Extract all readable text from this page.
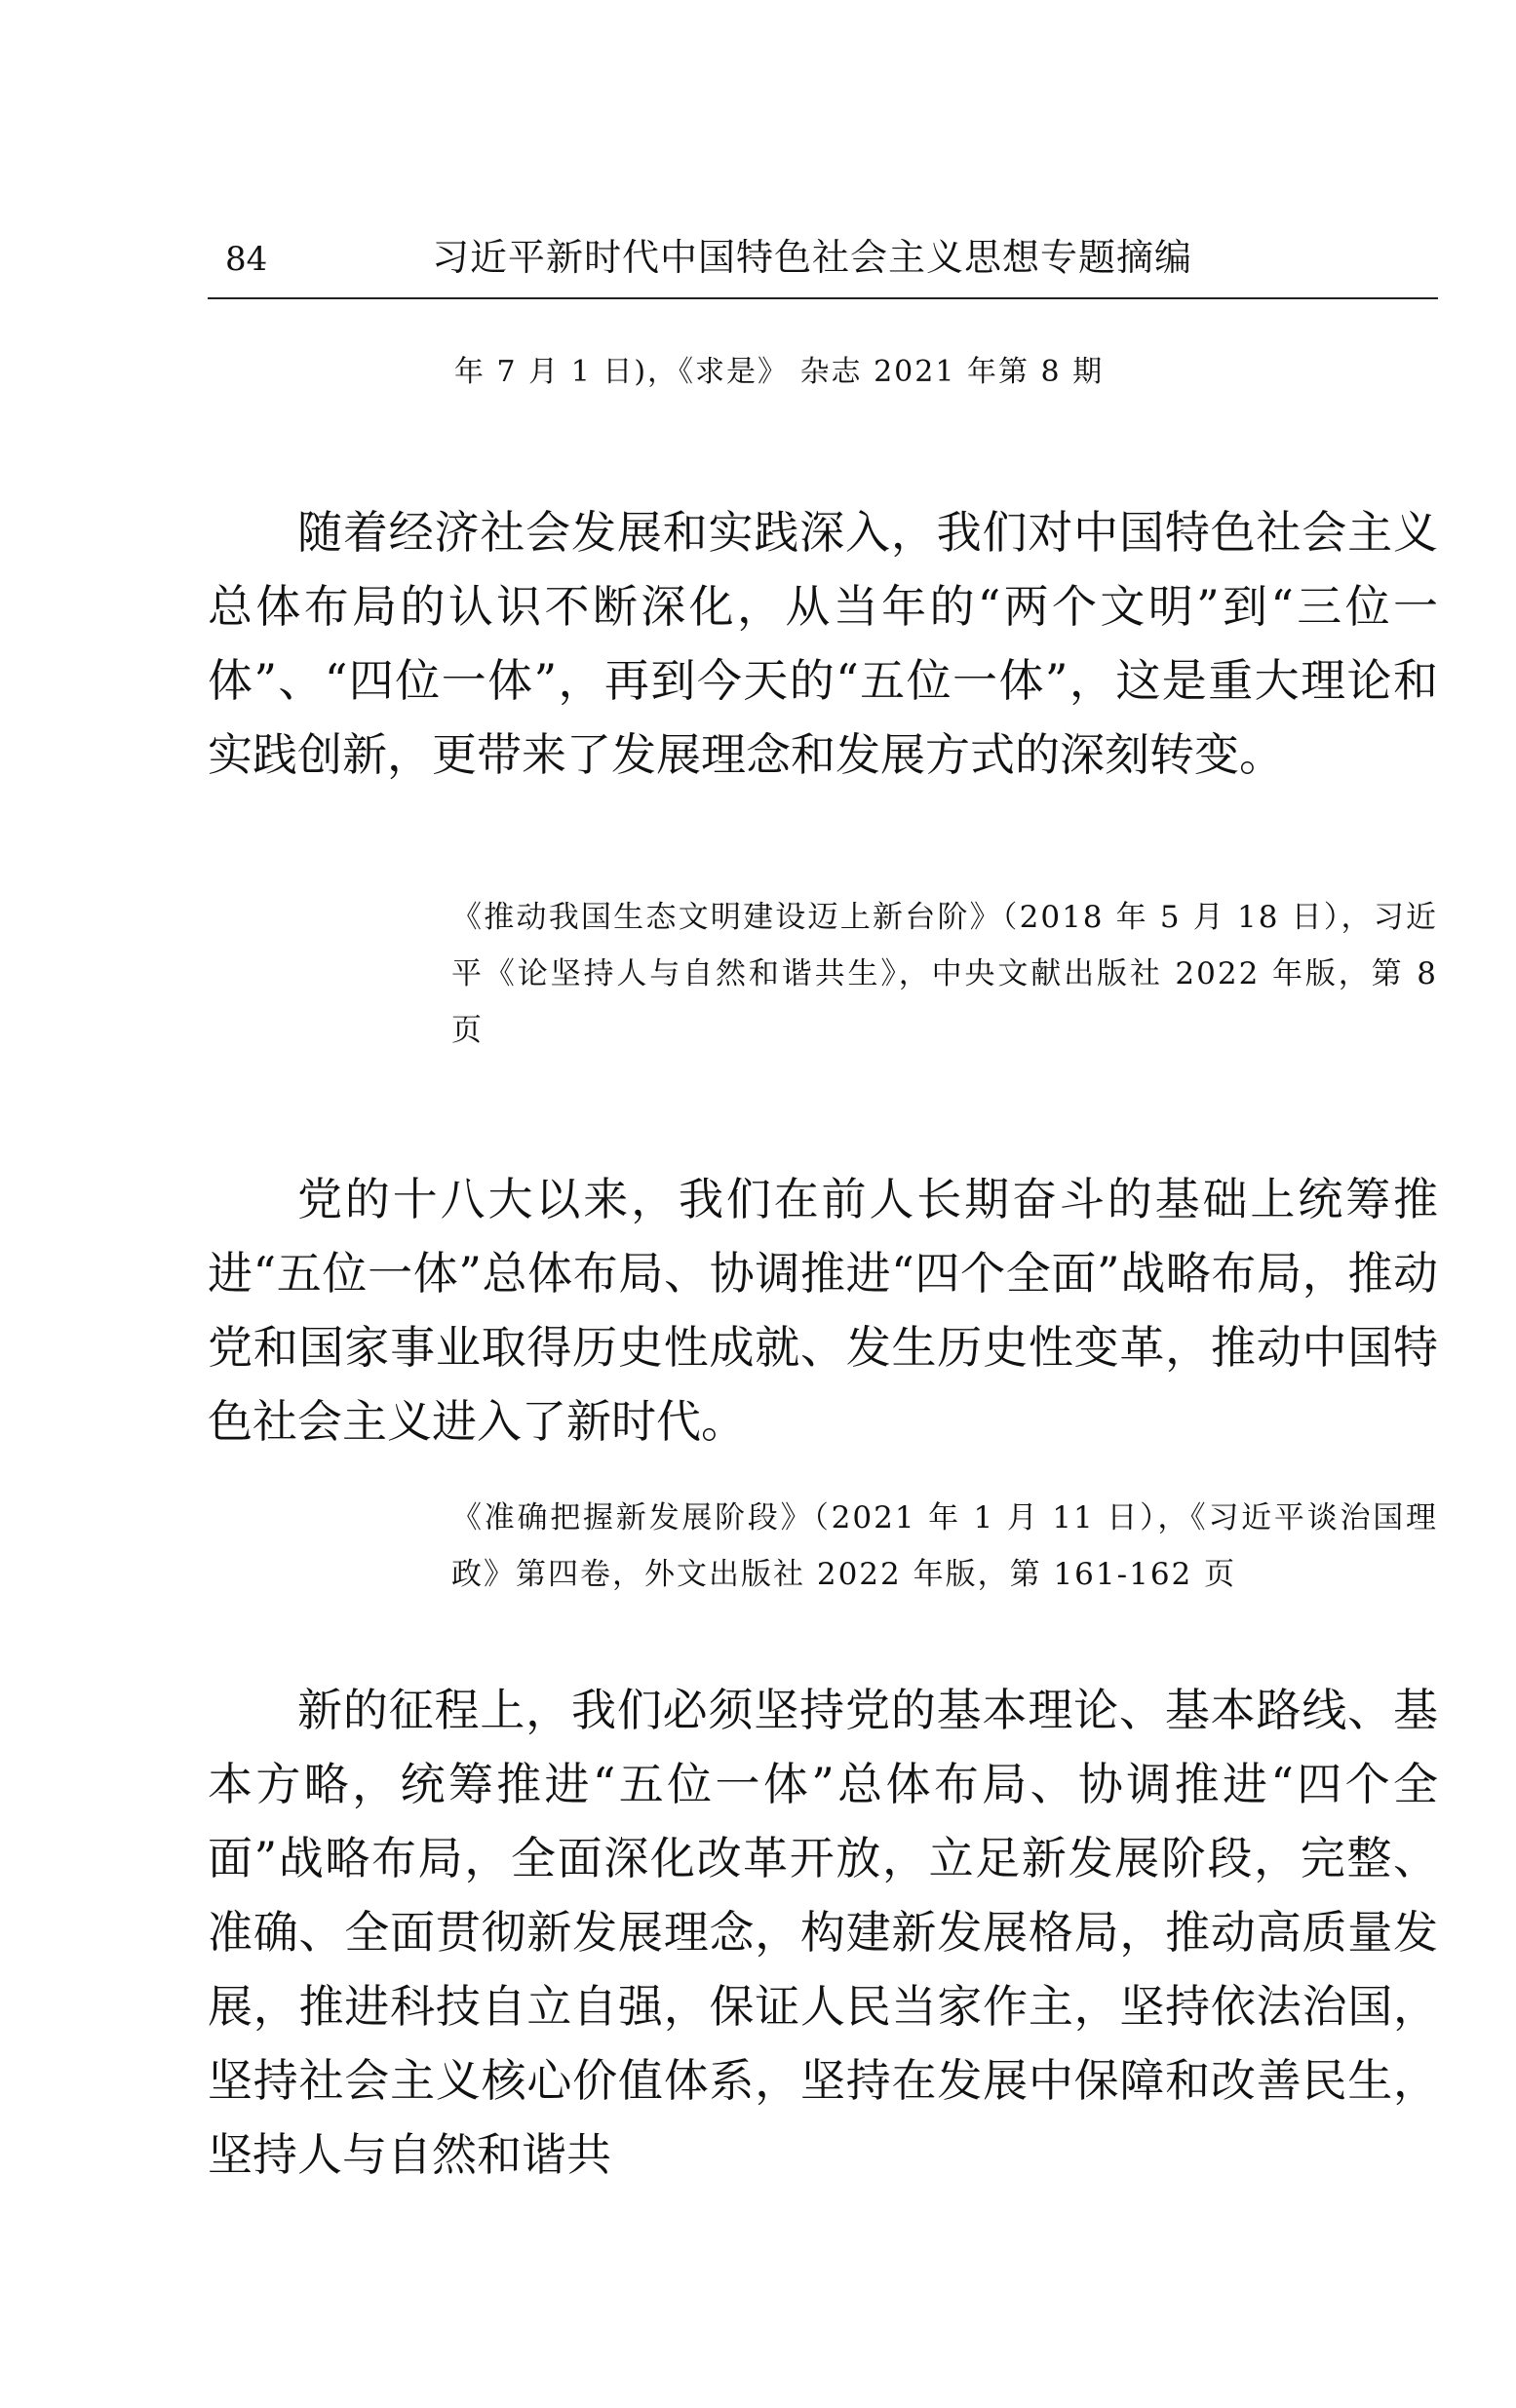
84	习近平新时代中国特色社会主义思想专题摘编
年 7 月 1 日)，《求是》 杂志 2021 年第 8 期

随着经济社会发展和实践深入，我们对中国特色社会主义总体布局的认识不断深化，从当年的“两个文明”到“三位一体”、“四位一体”，再到今天的“五位一体”，这是重大理论和实践创新，更带来了发展理念和发展方式的深刻转变。

《推动我国生态文明建设迈上新台阶》（2018 年 5 月 18 日），习近平《论坚持人与自然和谐共生》，中央文献出版社 2022 年版，第 8 页

党的十八大以来，我们在前人长期奋斗的基础上统筹推进“五位一体”总体布局、协调推进“四个全面”战略布局，推动党和国家事业取得历史性成就、发生历史性变革，推动中国特色社会主义进入了新时代。

《准确把握新发展阶段》（2021 年 1 月 11 日），《习近平谈治国理政》第四卷，外文出版社 2022 年版，第 161-162 页

新的征程上，我们必须坚持党的基本理论、基本路线、基本方略，统筹推进“五位一体”总体布局、协调推进“四个全面”战略布局，全面深化改革开放，立足新发展阶段，完整、准确、全面贯彻新发展理念，构建新发展格局，推动高质量发展，推进科技自立自强，保证人民当家作主，坚持依法治国，坚持社会主义核心价值体系，坚持在发展中保障和改善民生，坚持人与自然和谐共
